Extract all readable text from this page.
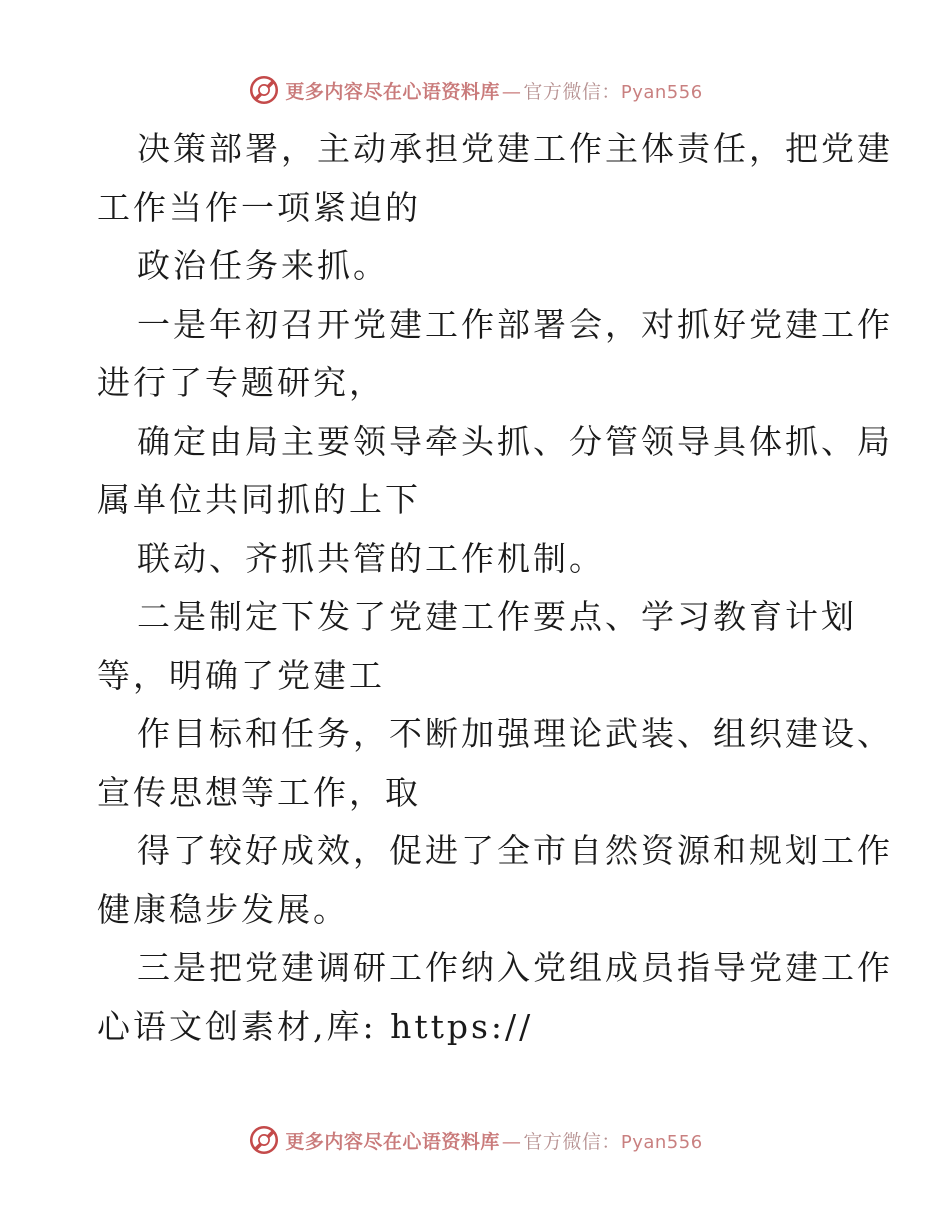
更多内容尽在心语资料库 — 官方微信：Pyan556

决策部署，主动承担党建工作主体责任，把党建
工作当作一项紧迫的

政治任务来抓。

一是年初召开党建工作部署会，对抓好党建工作
进行了专题研究，

确定由局主要领导牵头抓、分管领导具体抓、局
属单位共同抓的上下

联动、齐抓共管的工作机制。

二是制定下发了党建工作要点、学习教育计划
等，明确了党建工

作目标和任务，不断加强理论武装、组织建设、
宣传思想等工作，取

得了较好成效，促进了全市自然资源和规划工作
健康稳步发展。

三是把党建调研工作纳入党组成员指导党建工作
心语文创素材,库: https://

更多内容尽在心语资料库 — 官方微信：Pyan556
